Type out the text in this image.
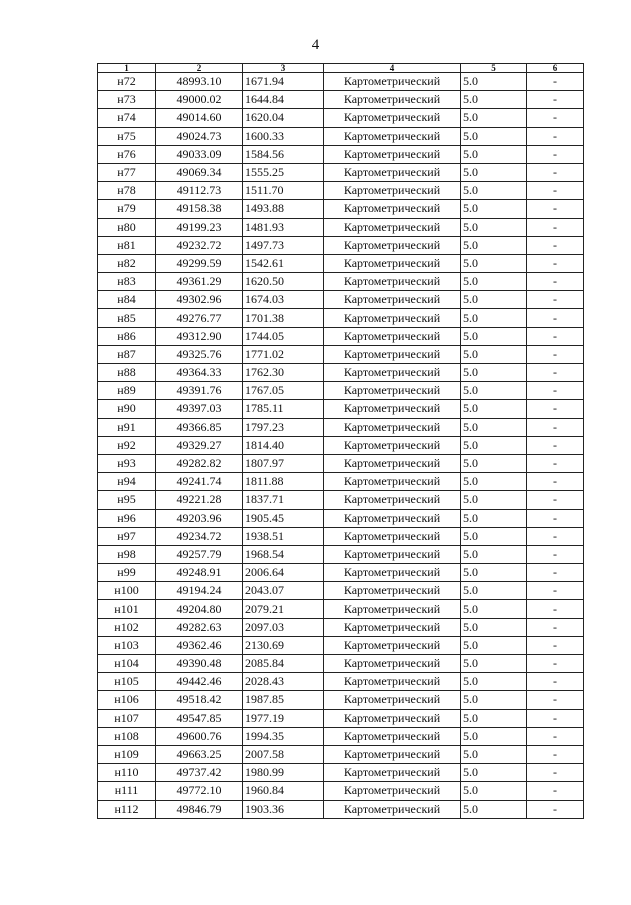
4
1	2	3	4	5	6
н72	48993.10	1671.94	Картометрический	5.0	-
н73	49000.02	1644.84	Картометрический	5.0	-
н74	49014.60	1620.04	Картометрический	5.0	-
н75	49024.73	1600.33	Картометрический	5.0	-
н76	49033.09	1584.56	Картометрический	5.0	-
н77	49069.34	1555.25	Картометрический	5.0	-
н78	49112.73	1511.70	Картометрический	5.0	-
н79	49158.38	1493.88	Картометрический	5.0	-
н80	49199.23	1481.93	Картометрический	5.0	-
н81	49232.72	1497.73	Картометрический	5.0	-
н82	49299.59	1542.61	Картометрический	5.0	-
н83	49361.29	1620.50	Картометрический	5.0	-
н84	49302.96	1674.03	Картометрический	5.0	-
н85	49276.77	1701.38	Картометрический	5.0	-
н86	49312.90	1744.05	Картометрический	5.0	-
н87	49325.76	1771.02	Картометрический	5.0	-
н88	49364.33	1762.30	Картометрический	5.0	-
н89	49391.76	1767.05	Картометрический	5.0	-
н90	49397.03	1785.11	Картометрический	5.0	-
н91	49366.85	1797.23	Картометрический	5.0	-
н92	49329.27	1814.40	Картометрический	5.0	-
н93	49282.82	1807.97	Картометрический	5.0	-
н94	49241.74	1811.88	Картометрический	5.0	-
н95	49221.28	1837.71	Картометрический	5.0	-
н96	49203.96	1905.45	Картометрический	5.0	-
н97	49234.72	1938.51	Картометрический	5.0	-
н98	49257.79	1968.54	Картометрический	5.0	-
н99	49248.91	2006.64	Картометрический	5.0	-
н100	49194.24	2043.07	Картометрический	5.0	-
н101	49204.80	2079.21	Картометрический	5.0	-
н102	49282.63	2097.03	Картометрический	5.0	-
н103	49362.46	2130.69	Картометрический	5.0	-
н104	49390.48	2085.84	Картометрический	5.0	-
н105	49442.46	2028.43	Картометрический	5.0	-
н106	49518.42	1987.85	Картометрический	5.0	-
н107	49547.85	1977.19	Картометрический	5.0	-
н108	49600.76	1994.35	Картометрический	5.0	-
н109	49663.25	2007.58	Картометрический	5.0	-
н110	49737.42	1980.99	Картометрический	5.0	-
н111	49772.10	1960.84	Картометрический	5.0	-
н112	49846.79	1903.36	Картометрический	5.0	-
